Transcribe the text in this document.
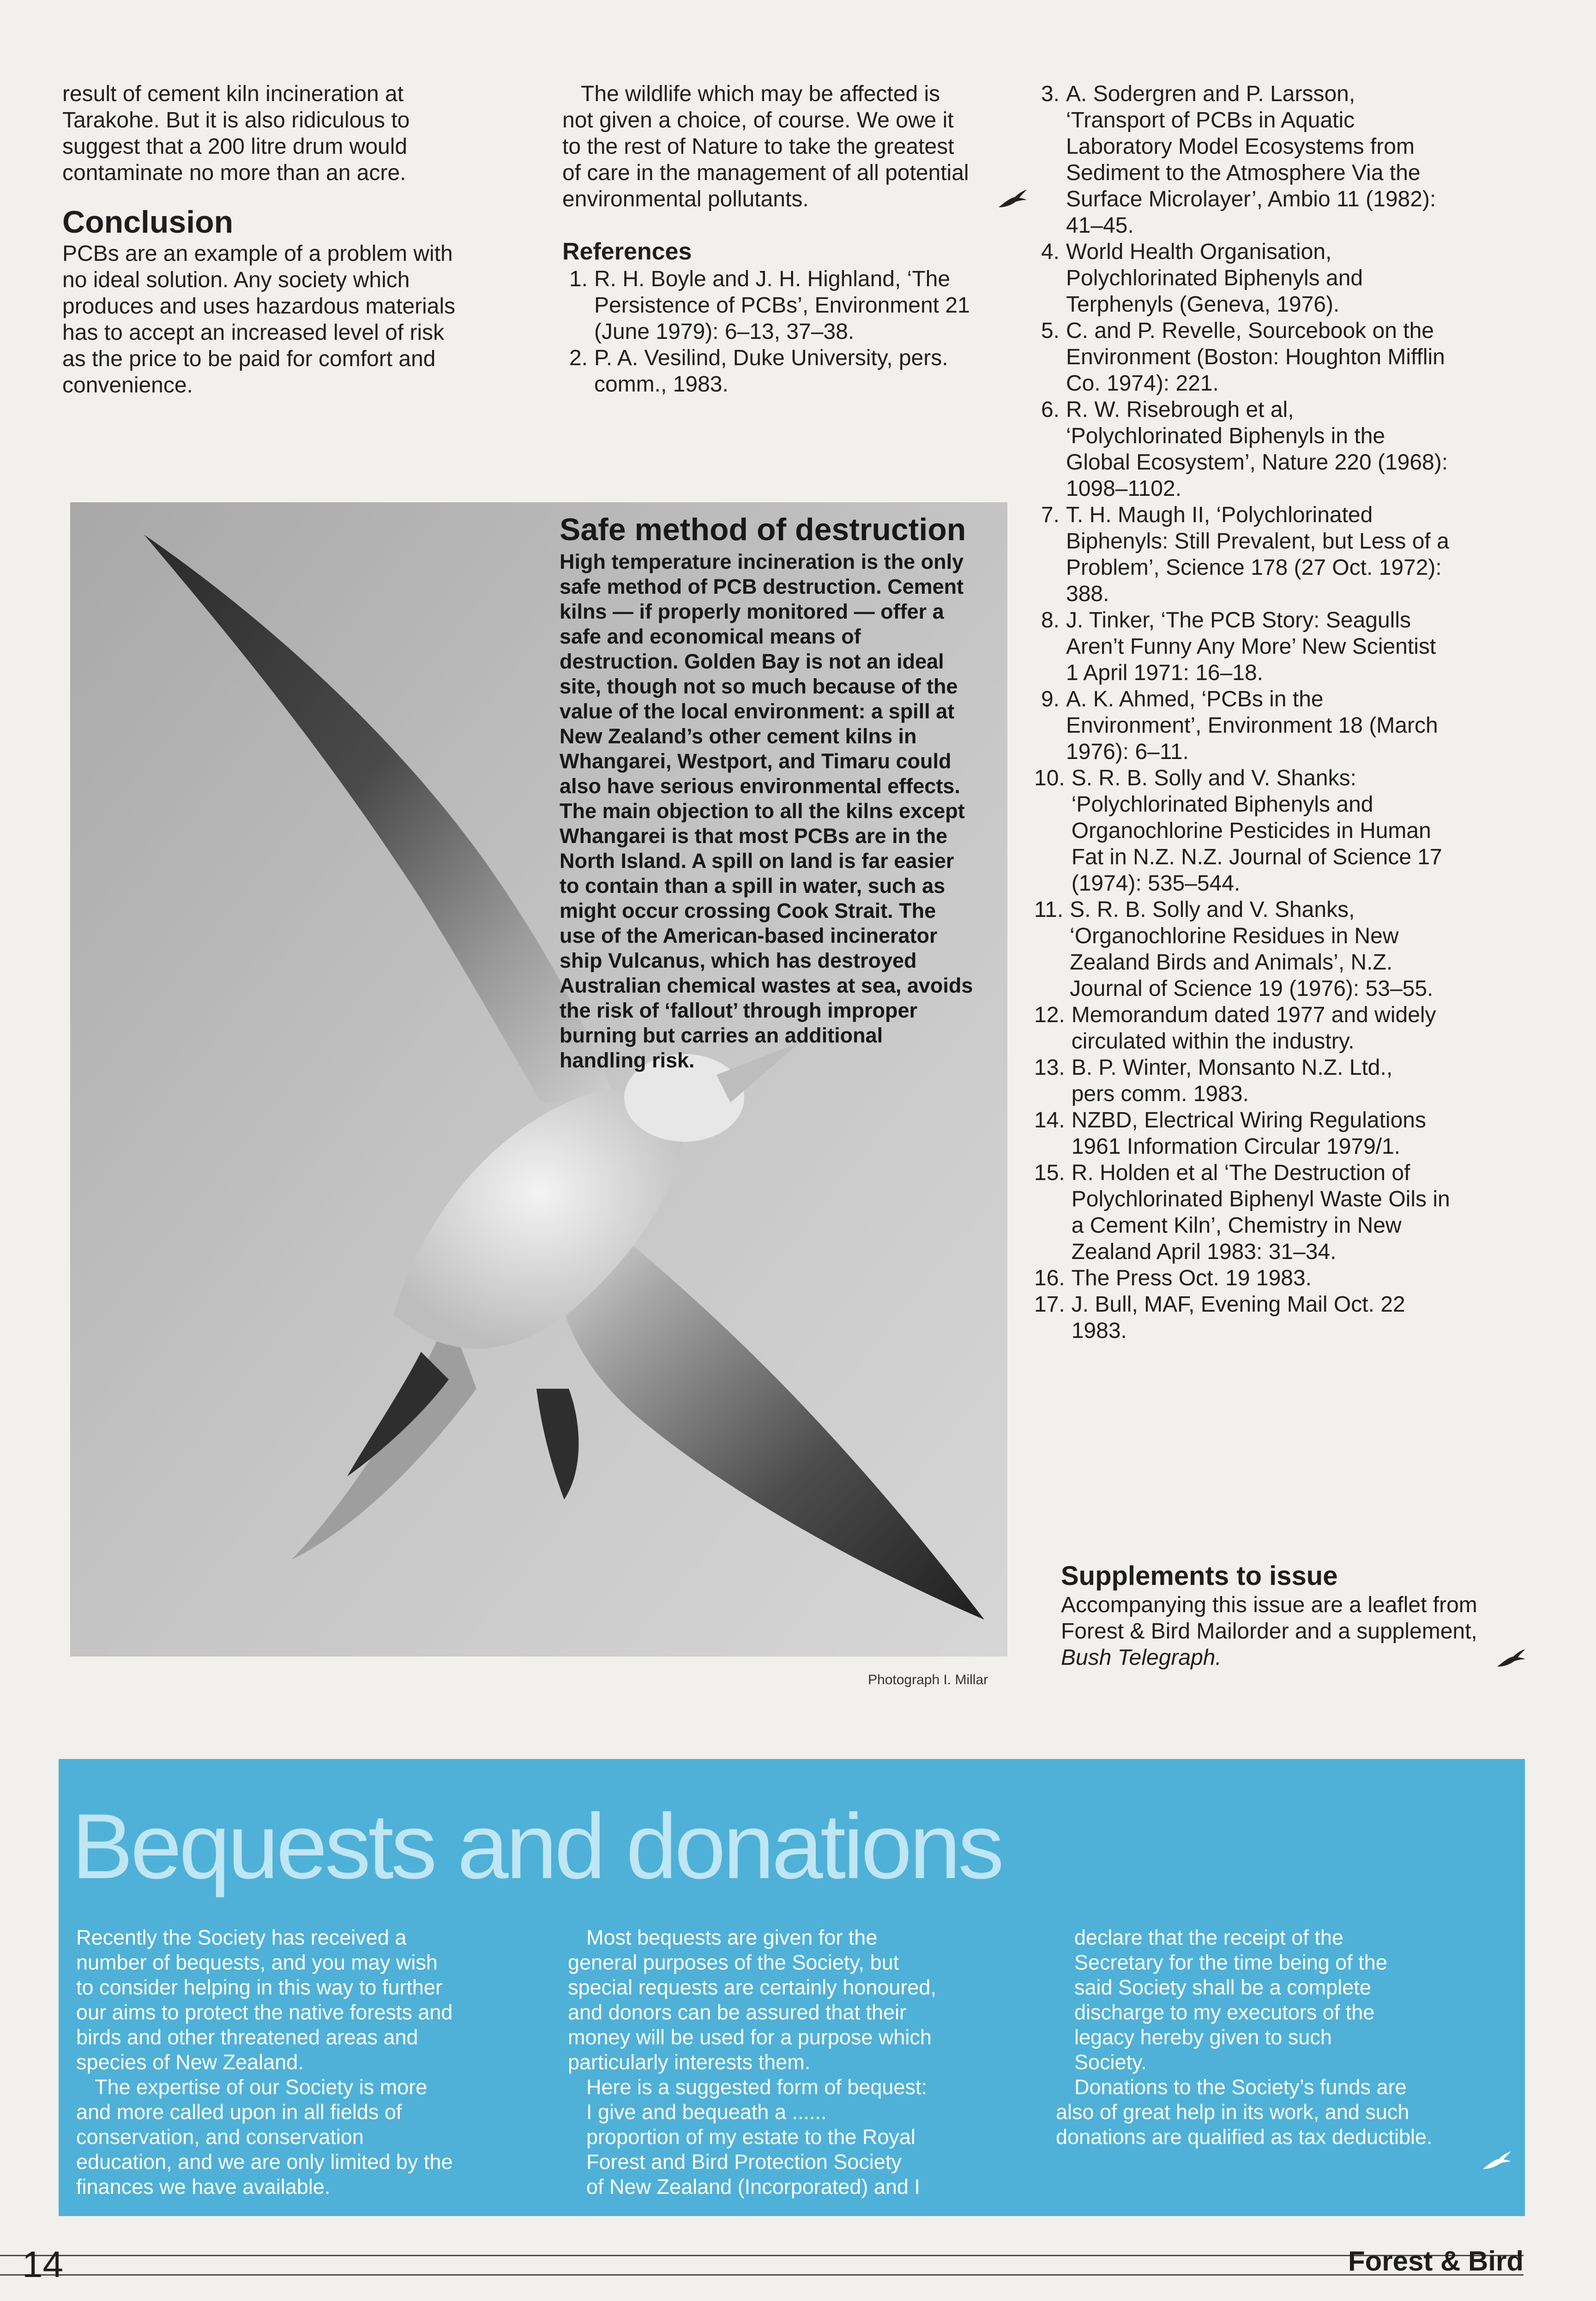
result of cement kiln incineration at

Tarakohe. But it is also ridiculous to

suggest that a 200 litre drum would

contaminate no more than an acre.

Conclusion

PCBs are an example of a problem with

no ideal solution. Any society which

produces and uses hazardous materials

has to accept an increased level of risk

as the price to be paid for comfort and

convenience.

The wildlife which may be affected is

not given a choice, of course. We owe it

to the rest of Nature to take the greatest

of care in the management of all potential

environmental pollutants.

References
1. R. H. Boyle and J. H. Highland, ‘The

Persistence of PCBs’, Environment 21

(June 1979): 6–13, 37–38.

2. P. A. Vesilind, Duke University, pers.

comm., 1983.

3. A. Sodergren and P. Larsson,

‘Transport of PCBs in Aquatic

Laboratory Model Ecosystems from

Sediment to the Atmosphere Via the

Surface Microlayer’, Ambio 11 (1982):

41–45.

4. World Health Organisation,

Polychlorinated Biphenyls and

Terphenyls (Geneva, 1976).

5. C. and P. Revelle, Sourcebook on the

Environment (Boston: Houghton Mifflin

Co. 1974): 221.

6. R. W. Risebrough et al,

‘Polychlorinated Biphenyls in the

Global Ecosystem’, Nature 220 (1968):

1098–1102.

7. T. H. Maugh II, ‘Polychlorinated

Biphenyls: Still Prevalent, but Less of a

Problem’, Science 178 (27 Oct. 1972):

388.

8. J. Tinker, ‘The PCB Story: Seagulls

Aren’t Funny Any More’ New Scientist

1 April 1971: 16–18.

9. A. K. Ahmed, ‘PCBs in the

Environment’, Environment 18 (March

1976): 6–11.

10. S. R. B. Solly and V. Shanks:

‘Polychlorinated Biphenyls and

Organochlorine Pesticides in Human

Fat in N.Z. N.Z. Journal of Science 17

(1974): 535–544.

11. S. R. B. Solly and V. Shanks,

‘Organochlorine Residues in New

Zealand Birds and Animals’, N.Z.

Journal of Science 19 (1976): 53–55.

12. Memorandum dated 1977 and widely

circulated within the industry.

13. B. P. Winter, Monsanto N.Z. Ltd.,

pers comm. 1983.

14. NZBD, Electrical Wiring Regulations

1961 Information Circular 1979/1.

15. R. Holden et al ‘The Destruction of

Polychlorinated Biphenyl Waste Oils in

a Cement Kiln’, Chemistry in New

Zealand April 1983: 31–34.

16. The Press Oct. 19 1983.

17. J. Bull, MAF, Evening Mail Oct. 22

1983.

Supplements to issue

Accompanying this issue are a leaflet from

Forest & Bird Mailorder and a supplement,

Bush Telegraph.

Safe method of destruction

High temperature incineration is the only

safe method of PCB destruction. Cement

kilns — if properly monitored — offer a

safe and economical means of

destruction. Golden Bay is not an ideal

site, though not so much because of the

value of the local environment: a spill at

New Zealand’s other cement kilns in

Whangarei, Westport, and Timaru could

also have serious environmental effects.

The main objection to all the kilns except

Whangarei is that most PCBs are in the

North Island. A spill on land is far easier

to contain than a spill in water, such as

might occur crossing Cook Strait. The

use of the American-based incinerator

ship Vulcanus, which has destroyed

Australian chemical wastes at sea, avoids

the risk of ‘fallout’ through improper

burning but carries an additional

handling risk.

Photograph I. Millar
Bequests and donations

Recently the Society has received a

number of bequests, and you may wish

to consider helping in this way to further

our aims to protect the native forests and

birds and other threatened areas and

species of New Zealand.

The expertise of our Society is more

and more called upon in all fields of

conservation, and conservation

education, and we are only limited by the

finances we have available.

Most bequests are given for the

general purposes of the Society, but

special requests are certainly honoured,

and donors can be assured that their

money will be used for a purpose which

particularly interests them.

Here is a suggested form of bequest:

I give and bequeath a ......

proportion of my estate to the Royal

Forest and Bird Protection Society

of New Zealand (Incorporated) and I

declare that the receipt of the

Secretary for the time being of the

said Society shall be a complete

discharge to my executors of the

legacy hereby given to such

Society.

Donations to the Society’s funds are

also of great help in its work, and such

donations are qualified as tax deductible.

14	Forest & Bird
